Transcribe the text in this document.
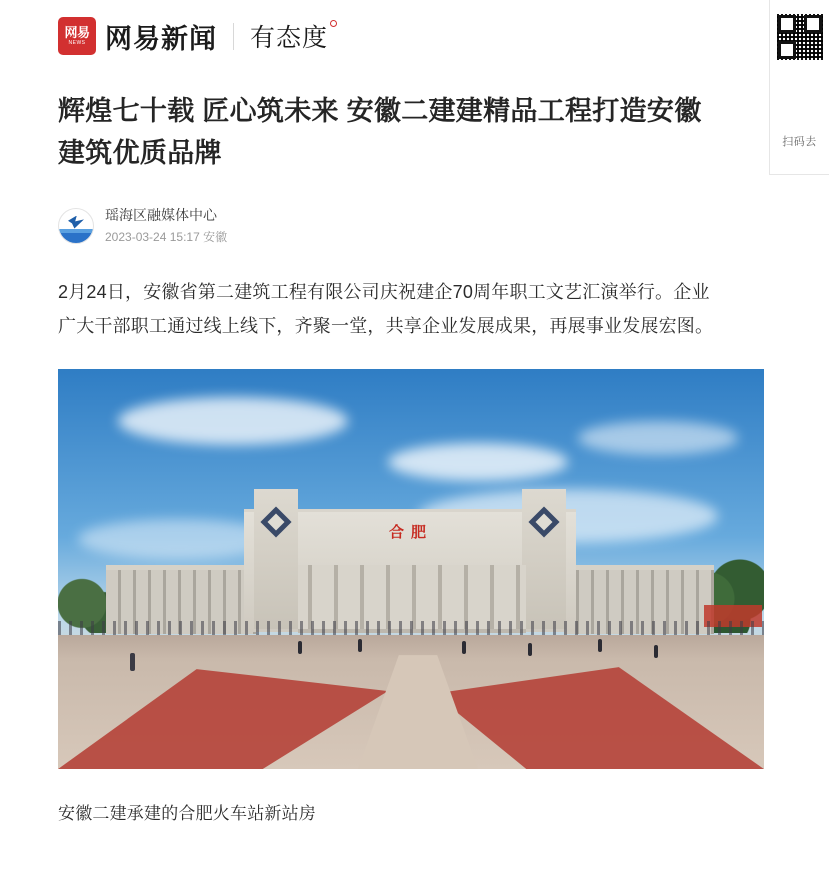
网易
NEWS 网易新闻 有态度
扫码去
辉煌七十载 匠心筑未来 安徽二建建精品工程打造安徽建筑优质品牌
瑶海区融媒体中心
2023-03-24 15:17 安徽

2月24日，安徽省第二建筑工程有限公司庆祝建企70周年职工文艺汇演举行。企业广大干部职工通过线上线下，齐聚一堂，共享企业发展成果，再展事业发展宏图。

合肥
安徽二建承建的合肥火车站新站房
